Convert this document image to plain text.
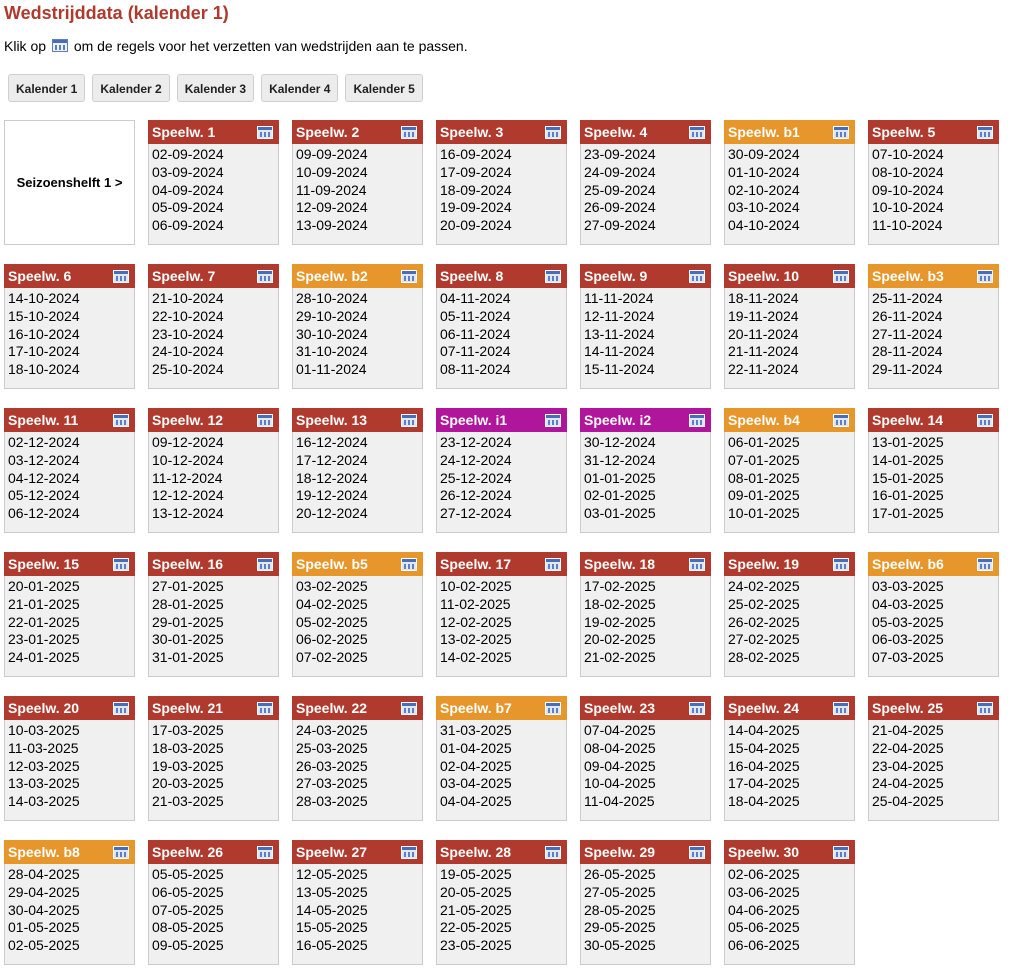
Wedstrijddata (kalender 1)
Klik op om de regels voor het verzetten van wedstrijden aan te passen.
Kalender 1	Kalender 2	Kalender 3	Kalender 4	Kalender 5
Seizoenshelft 1 >
Speelw. 1
02-09-2024
03-09-2024
04-09-2024
05-09-2024
06-09-2024
Speelw. 2
09-09-2024
10-09-2024
11-09-2024
12-09-2024
13-09-2024
Speelw. 3
16-09-2024
17-09-2024
18-09-2024
19-09-2024
20-09-2024
Speelw. 4
23-09-2024
24-09-2024
25-09-2024
26-09-2024
27-09-2024
Speelw. b1
30-09-2024
01-10-2024
02-10-2024
03-10-2024
04-10-2024
Speelw. 5
07-10-2024
08-10-2024
09-10-2024
10-10-2024
11-10-2024
Speelw. 6
14-10-2024
15-10-2024
16-10-2024
17-10-2024
18-10-2024
Speelw. 7
21-10-2024
22-10-2024
23-10-2024
24-10-2024
25-10-2024
Speelw. b2
28-10-2024
29-10-2024
30-10-2024
31-10-2024
01-11-2024
Speelw. 8
04-11-2024
05-11-2024
06-11-2024
07-11-2024
08-11-2024
Speelw. 9
11-11-2024
12-11-2024
13-11-2024
14-11-2024
15-11-2024
Speelw. 10
18-11-2024
19-11-2024
20-11-2024
21-11-2024
22-11-2024
Speelw. b3
25-11-2024
26-11-2024
27-11-2024
28-11-2024
29-11-2024
Speelw. 11
02-12-2024
03-12-2024
04-12-2024
05-12-2024
06-12-2024
Speelw. 12
09-12-2024
10-12-2024
11-12-2024
12-12-2024
13-12-2024
Speelw. 13
16-12-2024
17-12-2024
18-12-2024
19-12-2024
20-12-2024
Speelw. i1
23-12-2024
24-12-2024
25-12-2024
26-12-2024
27-12-2024
Speelw. i2
30-12-2024
31-12-2024
01-01-2025
02-01-2025
03-01-2025
Speelw. b4
06-01-2025
07-01-2025
08-01-2025
09-01-2025
10-01-2025
Speelw. 14
13-01-2025
14-01-2025
15-01-2025
16-01-2025
17-01-2025
Speelw. 15
20-01-2025
21-01-2025
22-01-2025
23-01-2025
24-01-2025
Speelw. 16
27-01-2025
28-01-2025
29-01-2025
30-01-2025
31-01-2025
Speelw. b5
03-02-2025
04-02-2025
05-02-2025
06-02-2025
07-02-2025
Speelw. 17
10-02-2025
11-02-2025
12-02-2025
13-02-2025
14-02-2025
Speelw. 18
17-02-2025
18-02-2025
19-02-2025
20-02-2025
21-02-2025
Speelw. 19
24-02-2025
25-02-2025
26-02-2025
27-02-2025
28-02-2025
Speelw. b6
03-03-2025
04-03-2025
05-03-2025
06-03-2025
07-03-2025
Speelw. 20
10-03-2025
11-03-2025
12-03-2025
13-03-2025
14-03-2025
Speelw. 21
17-03-2025
18-03-2025
19-03-2025
20-03-2025
21-03-2025
Speelw. 22
24-03-2025
25-03-2025
26-03-2025
27-03-2025
28-03-2025
Speelw. b7
31-03-2025
01-04-2025
02-04-2025
03-04-2025
04-04-2025
Speelw. 23
07-04-2025
08-04-2025
09-04-2025
10-04-2025
11-04-2025
Speelw. 24
14-04-2025
15-04-2025
16-04-2025
17-04-2025
18-04-2025
Speelw. 25
21-04-2025
22-04-2025
23-04-2025
24-04-2025
25-04-2025
Speelw. b8
28-04-2025
29-04-2025
30-04-2025
01-05-2025
02-05-2025
Speelw. 26
05-05-2025
06-05-2025
07-05-2025
08-05-2025
09-05-2025
Speelw. 27
12-05-2025
13-05-2025
14-05-2025
15-05-2025
16-05-2025
Speelw. 28
19-05-2025
20-05-2025
21-05-2025
22-05-2025
23-05-2025
Speelw. 29
26-05-2025
27-05-2025
28-05-2025
29-05-2025
30-05-2025
Speelw. 30
02-06-2025
03-06-2025
04-06-2025
05-06-2025
06-06-2025
